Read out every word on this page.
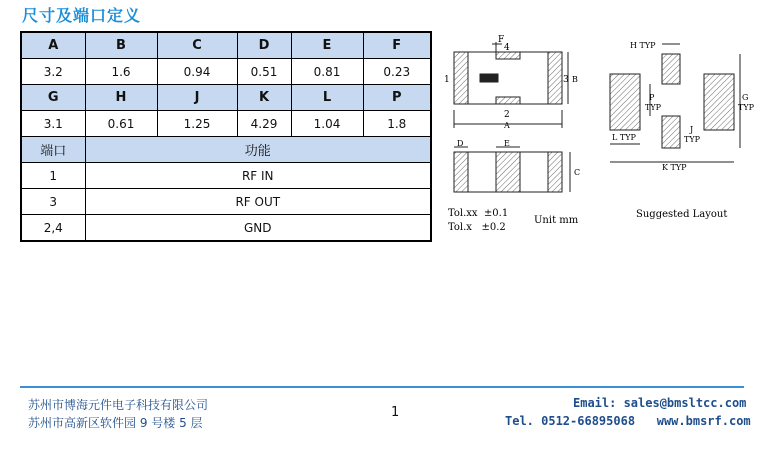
尺寸及端口定义
A	B	C	D	E	F
3.2	1.6	0.94	0.51	0.81	0.23
G	H	J	K	L	P
3.1	0.61	1.25	4.29	1.04	1.8
端口	功能				
1	RF IN				
3	RF OUT				
2,4	GND				
F
4
1	3 B
2
A
D	E
C
Tol.xx  ±0.1
Tol.x   ±0.2
Unit mm
H TYP
P
TYP
G
TYP
L TYP
J
TYP
K TYP
Suggested Layout
苏州市博海元件电子科技有限公司
苏州市高新区软件园 9 号楼 5 层
1
Email: sales@bmsltcc.com
Tel. 0512-66895068   www.bmsrf.com
